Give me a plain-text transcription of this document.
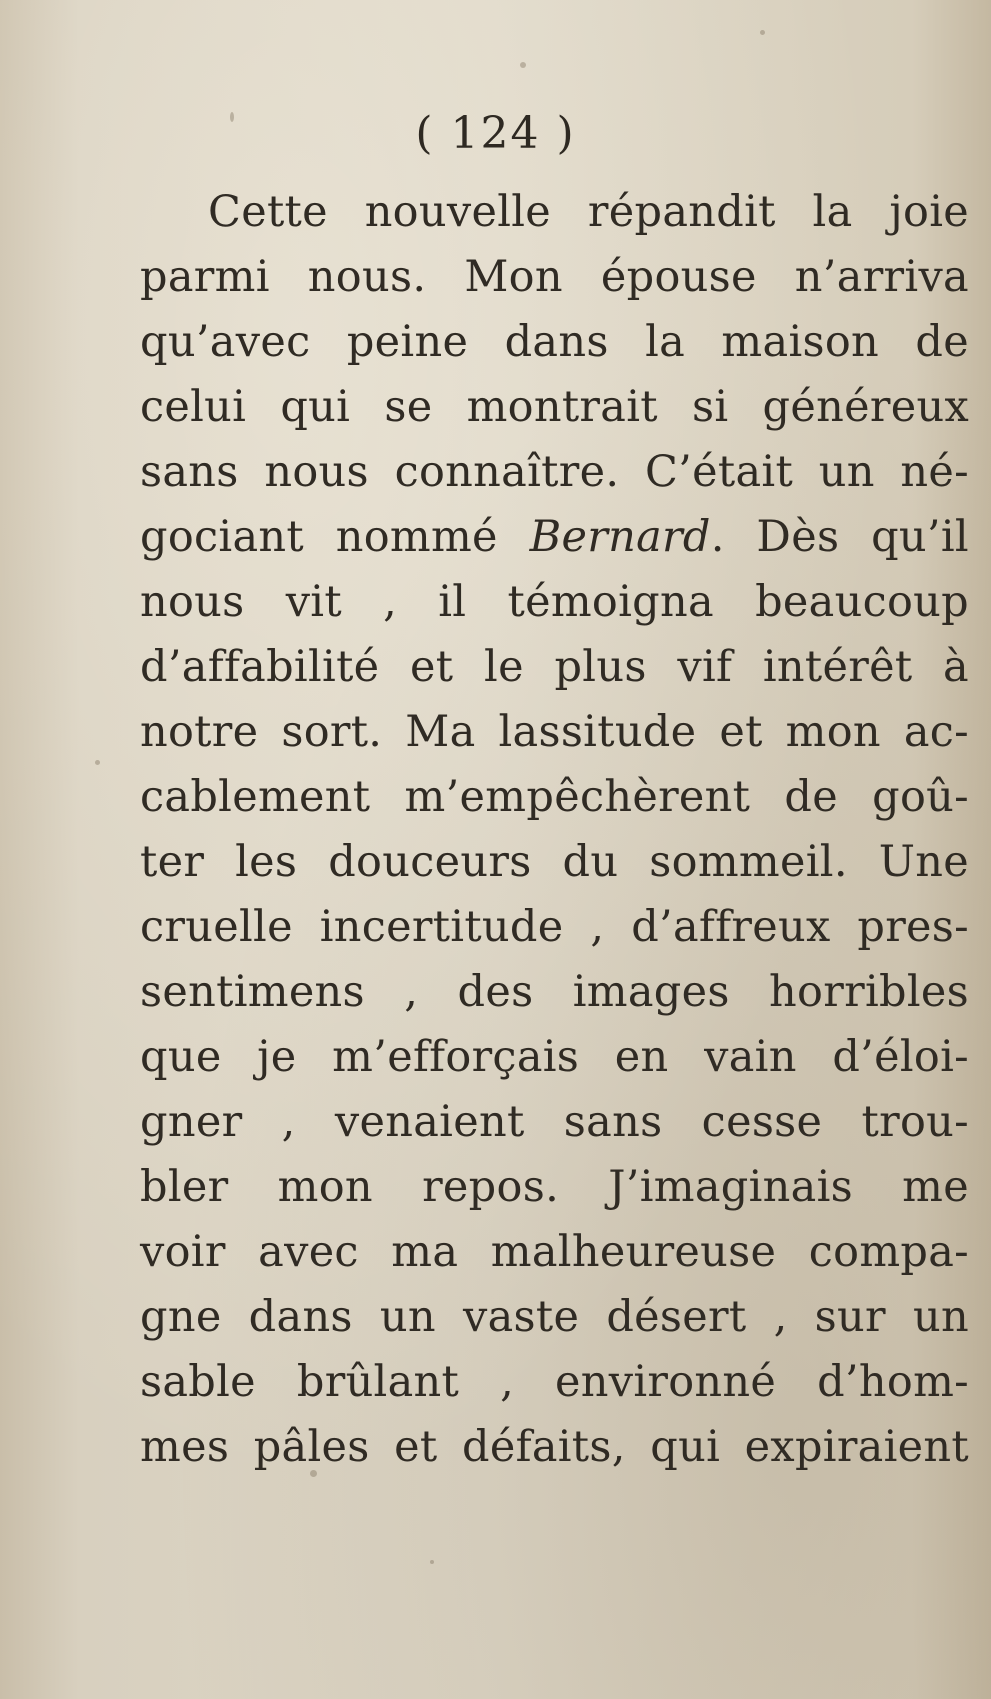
( 124 )
Cette nouvelle répandit la joie
parmi nous. Mon épouse n’arriva
qu’avec peine dans la maison de
celui qui se montrait si généreux
sans nous connaître. C’était un né-
gociant nommé Bernard. Dès qu’il
nous vit , il témoigna beaucoup
d’affabilité et le plus vif intérêt à
notre sort. Ma lassitude et mon ac-
cablement m’empêchèrent de goû-
ter les douceurs du sommeil. Une
cruelle incertitude , d’affreux pres-
sentimens , des images horribles
que je m’efforçais en vain d’éloi-
gner , venaient sans cesse trou-
bler mon repos. J’imaginais me
voir avec ma malheureuse compa-
gne dans un vaste désert , sur un
sable brûlant , environné d’hom-
mes pâles et défaits, qui expiraient
